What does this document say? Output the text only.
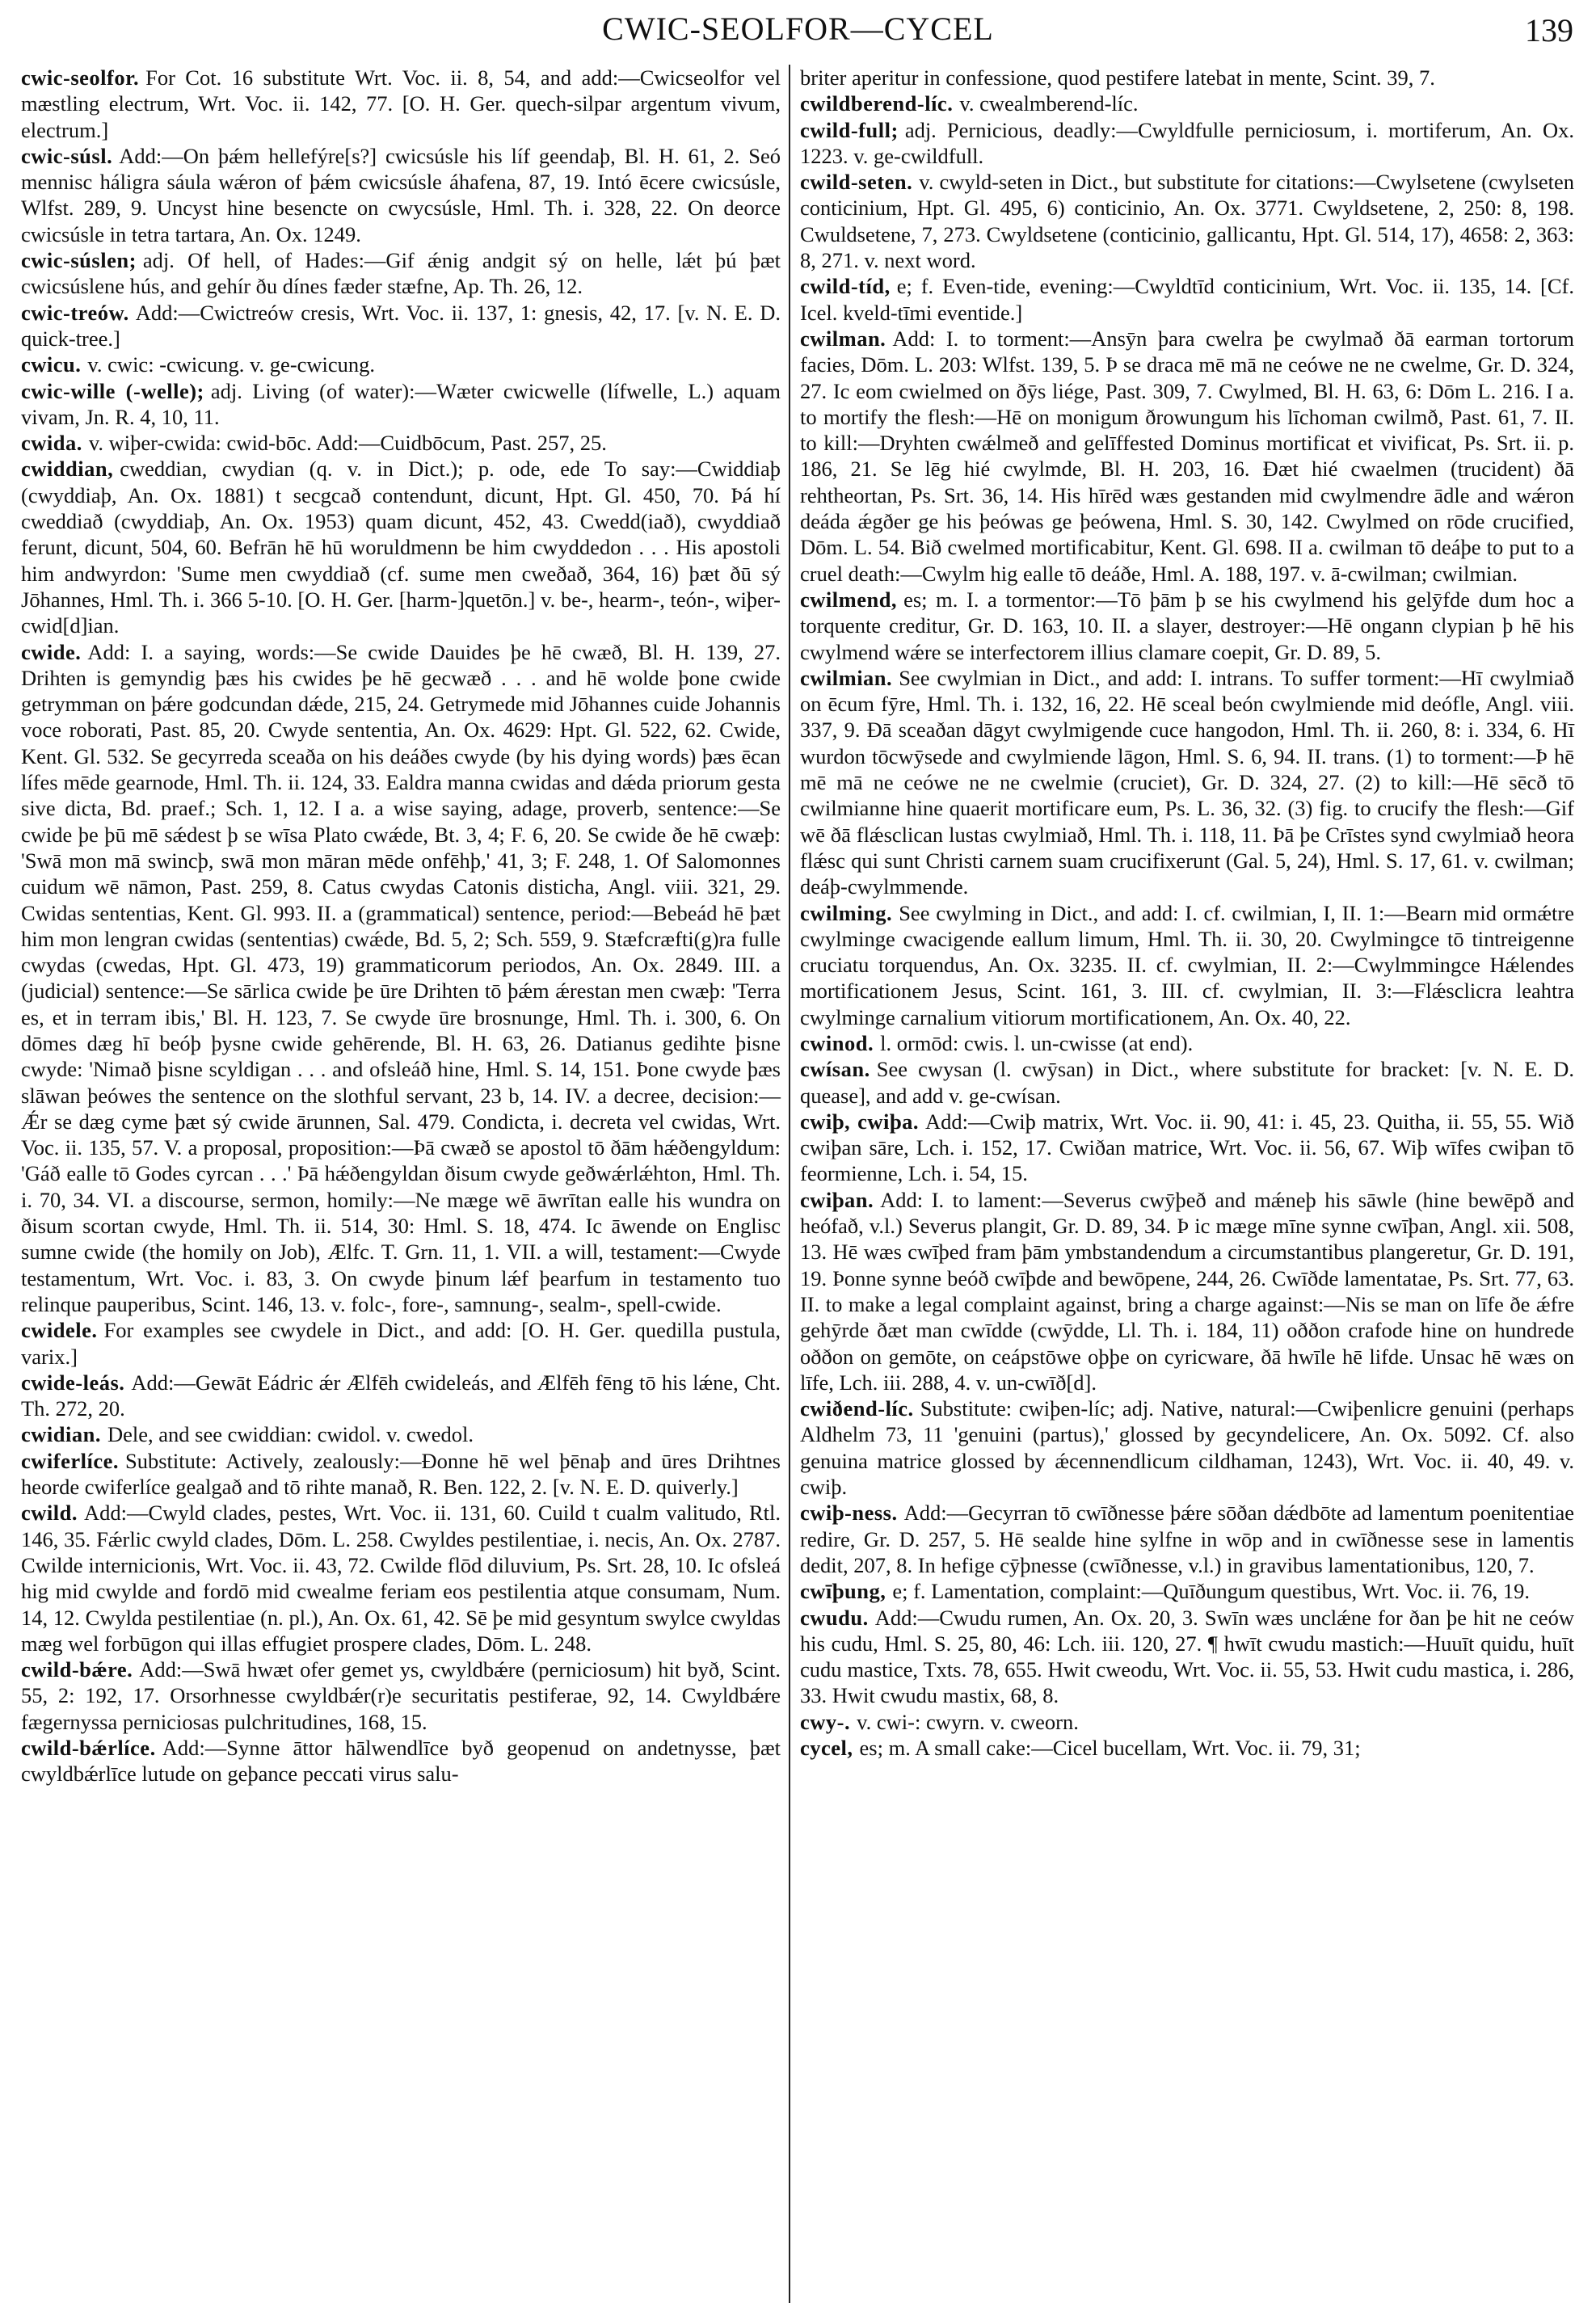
CWIC-SEOLFOR—CYCEL	139

cwic-seolfor. For Cot. 16 substitute Wrt. Voc. ii. 8, 54, and add:—Cwicseolfor vel mæstling electrum, Wrt. Voc. ii. 142, 77. [O. H. Ger. quech-silpar argentum vivum, electrum.]

cwic-súsl. Add:—On þǽm hellefýre[s?] cwicsúsle his líf geendaþ, Bl. H. 61, 2. Seó mennisc háligra sáula wǽron of þǽm cwicsúsle áhafena, 87, 19. Intó ēcere cwicsúsle, Wlfst. 289, 9. Uncyst hine besencte on cwycsúsle, Hml. Th. i. 328, 22. On deorce cwicsúsle in tetra tartara, An. Ox. 1249.

cwic-súslen; adj. Of hell, of Hades:—Gif ǽnig andgit sý on helle, lǽt þú þæt cwicsúslene hús, and gehír ðu dínes fæder stæfne, Ap. Th. 26, 12.

cwic-treów. Add:—Cwictreów cresis, Wrt. Voc. ii. 137, 1: gnesis, 42, 17. [v. N. E. D. quick-tree.]

cwicu. v. cwic: -cwicung. v. ge-cwicung.

cwic-wille (-welle); adj. Living (of water):—Wæter cwicwelle (lífwelle, L.) aquam vivam, Jn. R. 4, 10, 11.

cwida. v. wiþer-cwida: cwid-bōc. Add:—Cuidbōcum, Past. 257, 25.

cwiddian, cweddian, cwydian (q. v. in Dict.); p. ode, ede To say:—Cwiddiaþ (cwyddiaþ, An. Ox. 1881) t secgcað contendunt, dicunt, Hpt. Gl. 450, 70. Þá hí cweddiað (cwyddiaþ, An. Ox. 1953) quam dicunt, 452, 43. Cwedd(iað), cwyddiað ferunt, dicunt, 504, 60. Befrān hē hū woruldmenn be him cwyddedon . . . His apostoli him andwyrdon: 'Sume men cwyddiað (cf. sume men cweðað, 364, 16) þæt ðū sý Jōhannes, Hml. Th. i. 366 5-10. [O. H. Ger. [harm-]quetōn.] v. be-, hearm-, teón-, wiþer-cwid[d]ian.

cwide. Add: I. a saying, words:—Se cwide Dauides þe hē cwæð, Bl. H. 139, 27. Drihten is gemyndig þæs his cwides þe hē gecwæð . . . and hē wolde þone cwide getrymman on þǽre godcundan dǽde, 215, 24. Getrymede mid Jōhannes cuide Johannis voce roborati, Past. 85, 20. Cwyde sententia, An. Ox. 4629: Hpt. Gl. 522, 62. Cwide, Kent. Gl. 532. Se gecyrreda sceaða on his deáðes cwyde (by his dying words) þæs ēcan lífes mēde gearnode, Hml. Th. ii. 124, 33. Ealdra manna cwidas and dǽda priorum gesta sive dicta, Bd. praef.; Sch. 1, 12. I a. a wise saying, adage, proverb, sentence:—Se cwide þe þū mē sǽdest þ se wīsa Plato cwǽde, Bt. 3, 4; F. 6, 20. Se cwide ðe hē cwæþ: 'Swā mon mā swincþ, swā mon māran mēde onfēhþ,' 41, 3; F. 248, 1. Of Salomonnes cuidum wē nāmon, Past. 259, 8. Catus cwydas Catonis disticha, Angl. viii. 321, 29. Cwidas sententias, Kent. Gl. 993. II. a (grammatical) sentence, period:—Bebeád hē þæt him mon lengran cwidas (sententias) cwǽde, Bd. 5, 2; Sch. 559, 9. Stæfcræfti(g)ra fulle cwydas (cwedas, Hpt. Gl. 473, 19) grammaticorum periodos, An. Ox. 2849. III. a (judicial) sentence:—Se sārlica cwide þe ūre Drihten tō þǽm ǽrestan men cwæþ: 'Terra es, et in terram ibis,' Bl. H. 123, 7. Se cwyde ūre brosnunge, Hml. Th. i. 300, 6. On dōmes dæg hī beóþ þysne cwide gehērende, Bl. H. 63, 26. Datianus gedihte þisne cwyde: 'Nimað þisne scyldigan . . . and ofsleáð hine, Hml. S. 14, 151. Þone cwyde þæs slāwan þeówes the sentence on the slothful servant, 23 b, 14. IV. a decree, decision:—Ǽr se dæg cyme þæt sý cwide ārunnen, Sal. 479. Condicta, i. decreta vel cwidas, Wrt. Voc. ii. 135, 57. V. a proposal, proposition:—Þā cwæð se apostol tō ðām hǽðengyldum: 'Gáð ealle tō Godes cyrcan . . .' Þā hǽðengyldan ðisum cwyde geðwǽrlǽhton, Hml. Th. i. 70, 34. VI. a discourse, sermon, homily:—Ne mæge wē āwrītan ealle his wundra on ðisum scortan cwyde, Hml. Th. ii. 514, 30: Hml. S. 18, 474. Ic āwende on Englisc sumne cwide (the homily on Job), Ælfc. T. Grn. 11, 1. VII. a will, testament:—Cwyde testamentum, Wrt. Voc. i. 83, 3. On cwyde þinum lǽf þearfum in testamento tuo relinque pauperibus, Scint. 146, 13. v. folc-, fore-, samnung-, sealm-, spell-cwide.

cwidele. For examples see cwydele in Dict., and add: [O. H. Ger. quedilla pustula, varix.]

cwide-leás. Add:—Gewāt Eádric ǽr Ælfēh cwideleás, and Ælfēh fēng tō his lǽne, Cht. Th. 272, 20.

cwidian. Dele, and see cwiddian: cwidol. v. cwedol.

cwiferlíce. Substitute: Actively, zealously:—Ðonne hē wel þēnaþ and ūres Drihtnes heorde cwiferlíce gealgað and tō rihte manað, R. Ben. 122, 2. [v. N. E. D. quiverly.]

cwild. Add:—Cwyld clades, pestes, Wrt. Voc. ii. 131, 60. Cuild t cualm valitudo, Rtl. 146, 35. Fǽrlic cwyld clades, Dōm. L. 258. Cwyldes pestilentiae, i. necis, An. Ox. 2787. Cwilde internicionis, Wrt. Voc. ii. 43, 72. Cwilde flōd diluvium, Ps. Srt. 28, 10. Ic ofsleá hig mid cwylde and fordō mid cwealme feriam eos pestilentia atque consumam, Num. 14, 12. Cwylda pestilentiae (n. pl.), An. Ox. 61, 42. Sē þe mid gesyntum swylce cwyldas mæg wel forbūgon qui illas effugiet prospere clades, Dōm. L. 248.

cwild-bǽre. Add:—Swā hwæt ofer gemet ys, cwyldbǽre (perniciosum) hit byð, Scint. 55, 2: 192, 17. Orsorhnesse cwyldbǽr(r)e securitatis pestiferae, 92, 14. Cwyldbǽre fægernyssa perniciosas pulchritudines, 168, 15.

cwild-bǽrlíce. Add:—Synne āttor hālwendlīce byð geopenud on andetnysse, þæt cwyldbǽrlīce lutude on geþance peccati virus salu-

briter aperitur in confessione, quod pestifere latebat in mente, Scint. 39, 7.

cwildberend-líc. v. cwealmberend-líc.

cwild-full; adj. Pernicious, deadly:—Cwyldfulle perniciosum, i. mortiferum, An. Ox. 1223. v. ge-cwildfull.

cwild-seten. v. cwyld-seten in Dict., but substitute for citations:—Cwylsetene (cwylseten conticinium, Hpt. Gl. 495, 6) conticinio, An. Ox. 3771. Cwyldsetene, 2, 250: 8, 198. Cwuldsetene, 7, 273. Cwyldsetene (conticinio, gallicantu, Hpt. Gl. 514, 17), 4658: 2, 363: 8, 271. v. next word.

cwild-tíd, e; f. Even-tide, evening:—Cwyldtīd conticinium, Wrt. Voc. ii. 135, 14. [Cf. Icel. kveld-tīmi eventide.]

cwilman. Add: I. to torment:—Ansȳn þara cwelra þe cwylmað ðā earman tortorum facies, Dōm. L. 203: Wlfst. 139, 5. Þ se draca mē mā ne ceówe ne ne cwelme, Gr. D. 324, 27. Ic eom cwielmed on ðȳs liége, Past. 309, 7. Cwylmed, Bl. H. 63, 6: Dōm L. 216. I a. to mortify the flesh:—Hē on monigum ðrowungum his līchoman cwilmð, Past. 61, 7. II. to kill:—Dryhten cwǽlmeð and gelīffested Dominus mortificat et vivificat, Ps. Srt. ii. p. 186, 21. Se lēg hié cwylmde, Bl. H. 203, 16. Ðæt hié cwaelmen (trucident) ðā rehtheortan, Ps. Srt. 36, 14. His hīrēd wæs gestanden mid cwylmendre ādle and wǽron deáda ǽgðer ge his þeówas ge þeówena, Hml. S. 30, 142. Cwylmed on rōde crucified, Dōm. L. 54. Bið cwelmed mortificabitur, Kent. Gl. 698. II a. cwilman tō deáþe to put to a cruel death:—Cwylm hig ealle tō deáðe, Hml. A. 188, 197. v. ā-cwilman; cwilmian.

cwilmend, es; m. I. a tormentor:—Tō þām þ se his cwylmend his gelȳfde dum hoc a torquente creditur, Gr. D. 163, 10. II. a slayer, destroyer:—Hē ongann clypian þ hē his cwylmend wǽre se interfectorem illius clamare coepit, Gr. D. 89, 5.

cwilmian. See cwylmian in Dict., and add: I. intrans. To suffer torment:—Hī cwylmiað on ēcum fȳre, Hml. Th. i. 132, 16, 22. Hē sceal beón cwylmiende mid deófle, Angl. viii. 337, 9. Ðā sceaðan dāgyt cwylmigende cuce hangodon, Hml. Th. ii. 260, 8: i. 334, 6. Hī wurdon tōcwȳsede and cwylmiende lāgon, Hml. S. 6, 94. II. trans. (1) to torment:—Þ hē mē mā ne ceówe ne ne cwelmie (cruciet), Gr. D. 324, 27. (2) to kill:—Hē sēcð tō cwilmianne hine quaerit mortificare eum, Ps. L. 36, 32. (3) fig. to crucify the flesh:—Gif wē ðā flǽsclican lustas cwylmiað, Hml. Th. i. 118, 11. Þā þe Crīstes synd cwylmiað heora flǽsc qui sunt Christi carnem suam crucifixerunt (Gal. 5, 24), Hml. S. 17, 61. v. cwilman; deáþ-cwylmmende.

cwilming. See cwylming in Dict., and add: I. cf. cwilmian, I, II. 1:—Bearn mid ormǽtre cwylminge cwacigende eallum limum, Hml. Th. ii. 30, 20. Cwylmingce tō tintreigenne cruciatu torquendus, An. Ox. 3235. II. cf. cwylmian, II. 2:—Cwylmmingce Hǽlendes mortificationem Jesus, Scint. 161, 3. III. cf. cwylmian, II. 3:—Flǽsclicra leahtra cwylminge carnalium vitiorum mortificationem, An. Ox. 40, 22.

cwinod. l. ormōd: cwis. l. un-cwisse (at end).

cwísan. See cwysan (l. cwȳsan) in Dict., where substitute for bracket: [v. N. E. D. quease], and add v. ge-cwísan.

cwiþ, cwiþa. Add:—Cwiþ matrix, Wrt. Voc. ii. 90, 41: i. 45, 23. Quitha, ii. 55, 55. Wið cwiþan sāre, Lch. i. 152, 17. Cwiðan matrice, Wrt. Voc. ii. 56, 67. Wiþ wīfes cwiþan tō feormienne, Lch. i. 54, 15.

cwiþan. Add: I. to lament:—Severus cwȳþeð and mǽneþ his sāwle (hine bewēpð and heófað, v.l.) Severus plangit, Gr. D. 89, 34. Þ ic mæge mīne synne cwīþan, Angl. xii. 508, 13. Hē wæs cwīþed fram þām ymbstandendum a circumstantibus plangeretur, Gr. D. 191, 19. Þonne synne beóð cwīþde and bewōpene, 244, 26. Cwīðde lamentatae, Ps. Srt. 77, 63. II. to make a legal complaint against, bring a charge against:—Nis se man on līfe ðe ǽfre gehȳrde ðæt man cwīdde (cwȳdde, Ll. Th. i. 184, 11) oððon crafode hine on hundrede oððon on gemōte, on ceápstōwe oþþe on cyricware, ðā hwīle hē lifde. Unsac hē wæs on līfe, Lch. iii. 288, 4. v. un-cwīð[d].

cwiðend-líc. Substitute: cwiþen-líc; adj. Native, natural:—Cwiþenlicre genuini (perhaps Aldhelm 73, 11 'genuini (partus),' glossed by gecyndelicere, An. Ox. 5092. Cf. also genuina matrice glossed by ǽcennendlicum cildhaman, 1243), Wrt. Voc. ii. 40, 49. v. cwiþ.

cwiþ-ness. Add:—Gecyrran tō cwīðnesse þǽre sōðan dǽdbōte ad lamentum poenitentiae redire, Gr. D. 257, 5. Hē sealde hine sylfne in wōp and in cwīðnesse sese in lamentis dedit, 207, 8. In hefige cȳþnesse (cwīðnesse, v.l.) in gravibus lamentationibus, 120, 7.

cwīþung, e; f. Lamentation, complaint:—Quīðungum questibus, Wrt. Voc. ii. 76, 19.

cwudu. Add:—Cwudu rumen, An. Ox. 20, 3. Swīn wæs unclǽne for ðan þe hit ne ceów his cudu, Hml. S. 25, 80, 46: Lch. iii. 120, 27. ¶ hwīt cwudu mastich:—Huuīt quidu, huīt cudu mastice, Txts. 78, 655. Hwit cweodu, Wrt. Voc. ii. 55, 53. Hwit cudu mastica, i. 286, 33. Hwit cwudu mastix, 68, 8.

cwy-. v. cwi-: cwyrn. v. cweorn.

cycel, es; m. A small cake:—Cicel bucellam, Wrt. Voc. ii. 79, 31;
